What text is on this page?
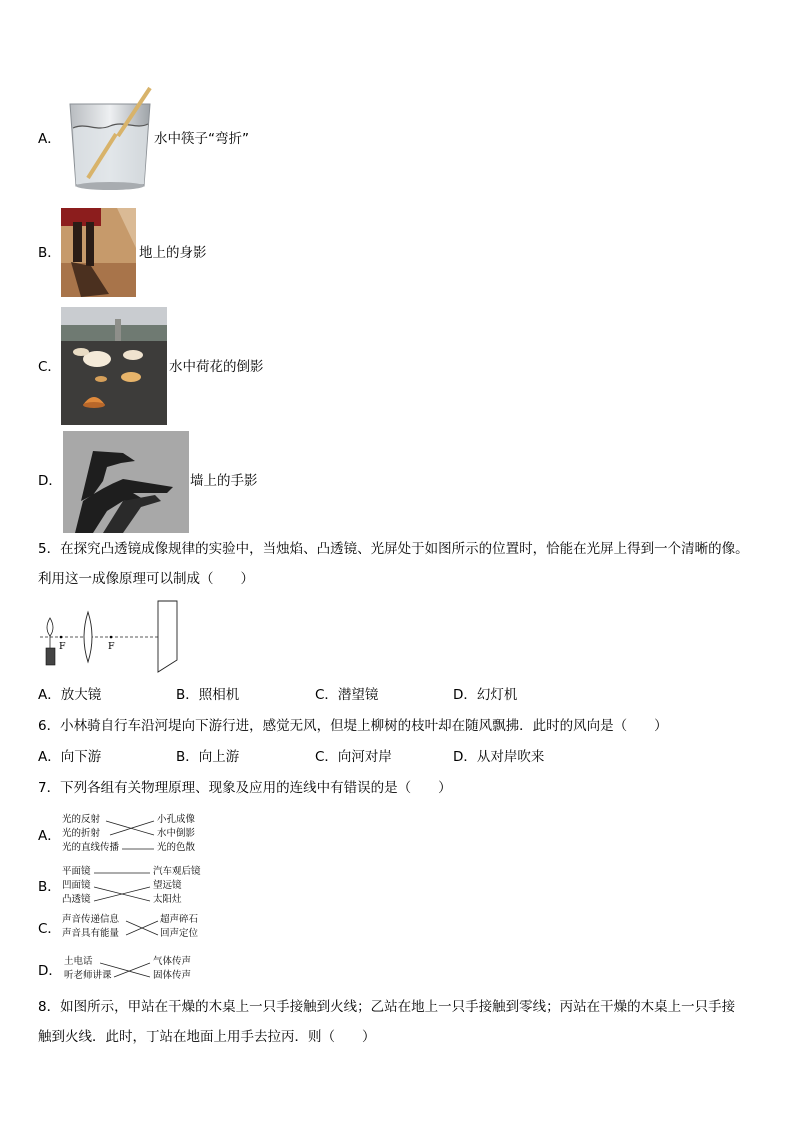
A．	水中筷子“弯折”
B．	地上的身影
C．	水中荷花的倒影
D．	墙上的手影
5．在探究凸透镜成像规律的实验中，当烛焰、凸透镜、光屏处于如图所示的位置时，恰能在光屏上得到一个清晰的像。
利用这一成像原理可以制成（　　）
F	F
A．放大镜	B．照相机	C．潜望镜	D．幻灯机
6．小林骑自行车沿河堤向下游行进，感觉无风，但堤上柳树的枝叶却在随风飘拂．此时的风向是（　　）
A．向下游	B．向上游	C．向河对岸	D．从对岸吹来
7．下列各组有关物理原理、现象及应用的连线中有错误的是（　　）
A．
光的反射
光的折射
光的直线传播
小孔成像
水中倒影
光的色散
B．
平面镜
凹面镜
凸透镜
汽车观后镜
望远镜
太阳灶
C．
声音传递信息
声音具有能量
超声碎石
回声定位
D．
土电话
听老师讲课
气体传声
固体传声
8．如图所示，甲站在干燥的木桌上一只手接触到火线；乙站在地上一只手接触到零线；丙站在干燥的木桌上一只手接
触到火线．此时，丁站在地面上用手去拉丙．则（　　）
